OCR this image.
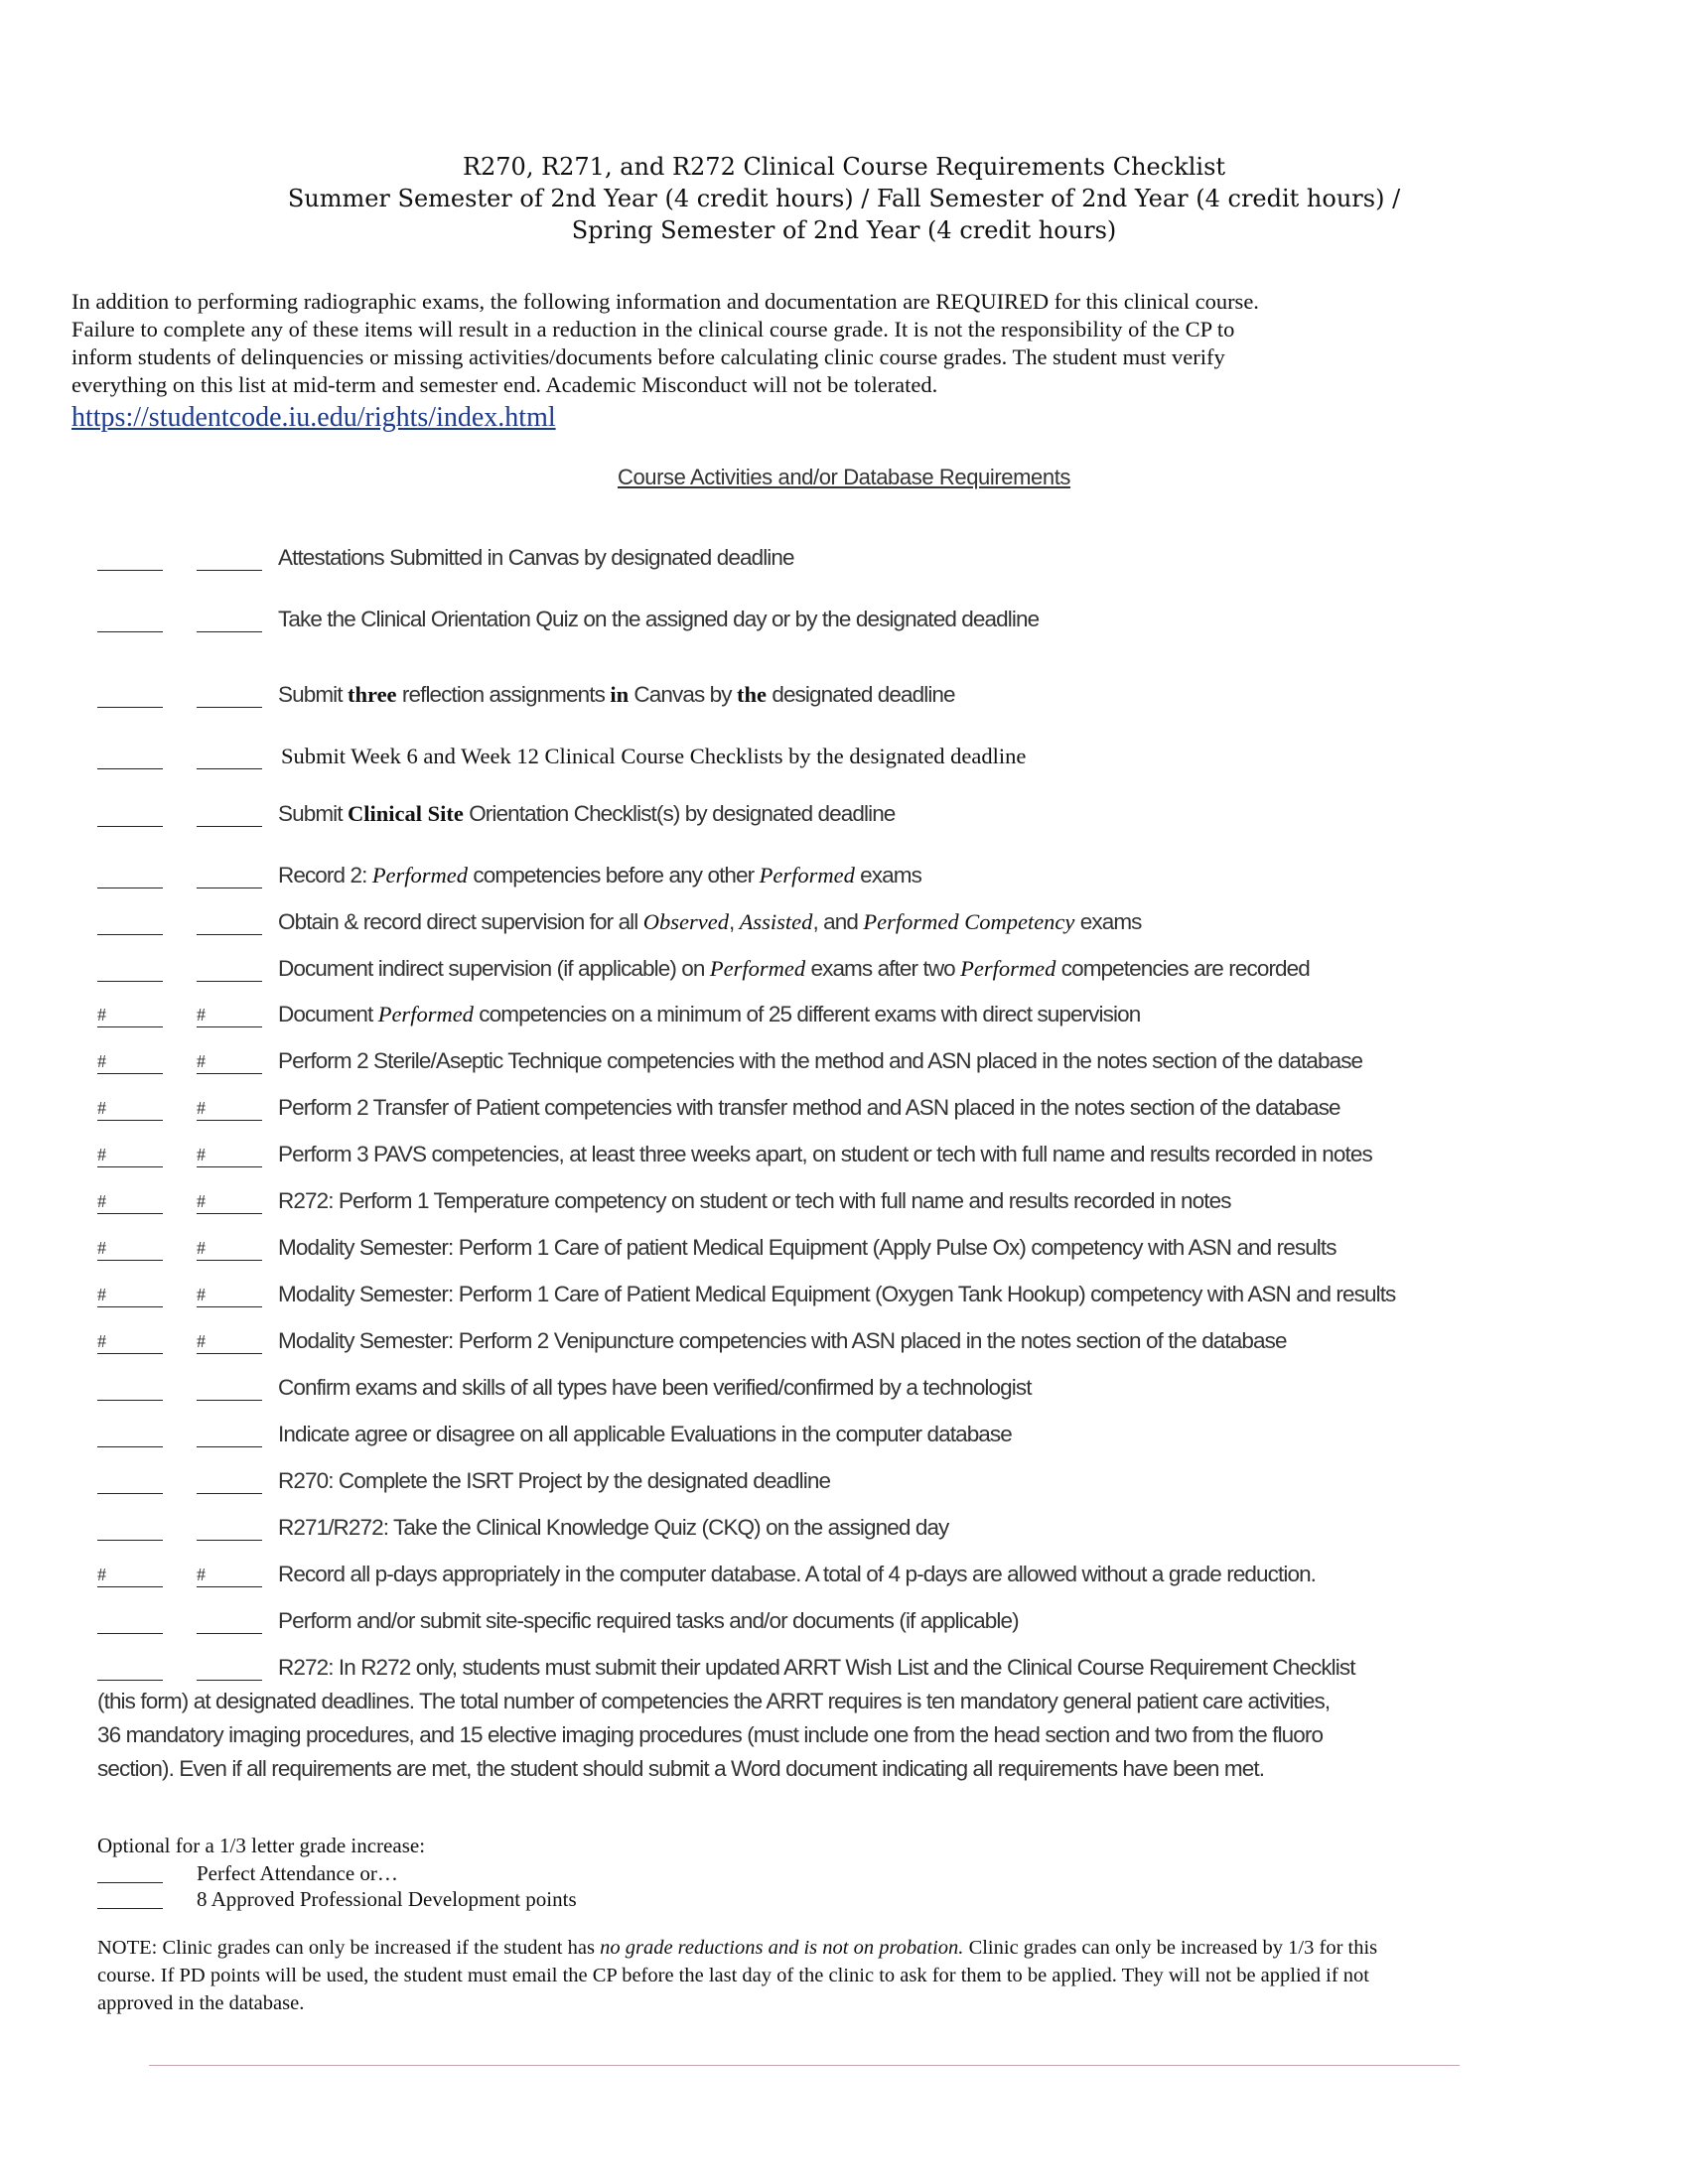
R270, R271, and R272 Clinical Course Requirements Checklist
Summer Semester of 2nd Year (4 credit hours) / Fall Semester of 2nd Year (4 credit hours) /
Spring Semester of 2nd Year (4 credit hours)
In addition to performing radiographic exams, the following information and documentation are REQUIRED for this clinical course.
Failure to complete any of these items will result in a reduction in the clinical course grade. It is not the responsibility of the CP to
inform students of delinquencies or missing activities/documents before calculating clinic course grades. The student must verify
everything on this list at mid-term and semester end. Academic Misconduct will not be tolerated.
https://studentcode.iu.edu/rights/index.html
Course Activities and/or Database Requirements
Attestations Submitted in Canvas by designated deadline
Take the Clinical Orientation Quiz on the assigned day or by the designated deadline
Submit three reflection assignments in Canvas by the designated deadline
Submit Week 6 and Week 12 Clinical Course Checklists by the designated deadline
Submit Clinical Site Orientation Checklist(s) by designated deadline
Record 2: Performed competencies before any other Performed exams
Obtain & record direct supervision for all Observed, Assisted, and Performed Competency exams
Document indirect supervision (if applicable) on Performed exams after two Performed competencies are recorded
#	#	Document Performed competencies on a minimum of 25 different exams with direct supervision
#	#	Perform 2 Sterile/Aseptic Technique competencies with the method and ASN placed in the notes section of the database
#	#	Perform 2 Transfer of Patient competencies with transfer method and ASN placed in the notes section of the database
#	#	Perform 3 PAVS competencies, at least three weeks apart, on student or tech with full name and results recorded in notes
#	#	R272: Perform 1 Temperature competency on student or tech with full name and results recorded in notes
#	#	Modality Semester: Perform 1 Care of patient Medical Equipment (Apply Pulse Ox) competency with ASN and results
#	#	Modality Semester: Perform 1 Care of Patient Medical Equipment (Oxygen Tank Hookup) competency with ASN and results
#	#	Modality Semester: Perform 2 Venipuncture competencies with ASN placed in the notes section of the database
Confirm exams and skills of all types have been verified/confirmed by a technologist
Indicate agree or disagree on all applicable Evaluations in the computer database
R270: Complete the ISRT Project by the designated deadline
R271/R272: Take the Clinical Knowledge Quiz (CKQ) on the assigned day
#	#	Record all p-days appropriately in the computer database. A total of 4 p-days are allowed without a grade reduction.
Perform and/or submit site-specific required tasks and/or documents (if applicable)
R272: In R272 only, students must submit their updated ARRT Wish List and the Clinical Course Requirement Checklist
(this form) at designated deadlines. The total number of competencies the ARRT requires is ten mandatory general patient care activities,
36 mandatory imaging procedures, and 15 elective imaging procedures (must include one from the head section and two from the fluoro
section). Even if all requirements are met, the student should submit a Word document indicating all requirements have been met.
Optional for a 1/3 letter grade increase:
Perfect Attendance or…
8 Approved Professional Development points
NOTE: Clinic grades can only be increased if the student has no grade reductions and is not on probation. Clinic grades can only be increased by 1/3 for this
course. If PD points will be used, the student must email the CP before the last day of the clinic to ask for them to be applied. They will not be applied if not
approved in the database.
